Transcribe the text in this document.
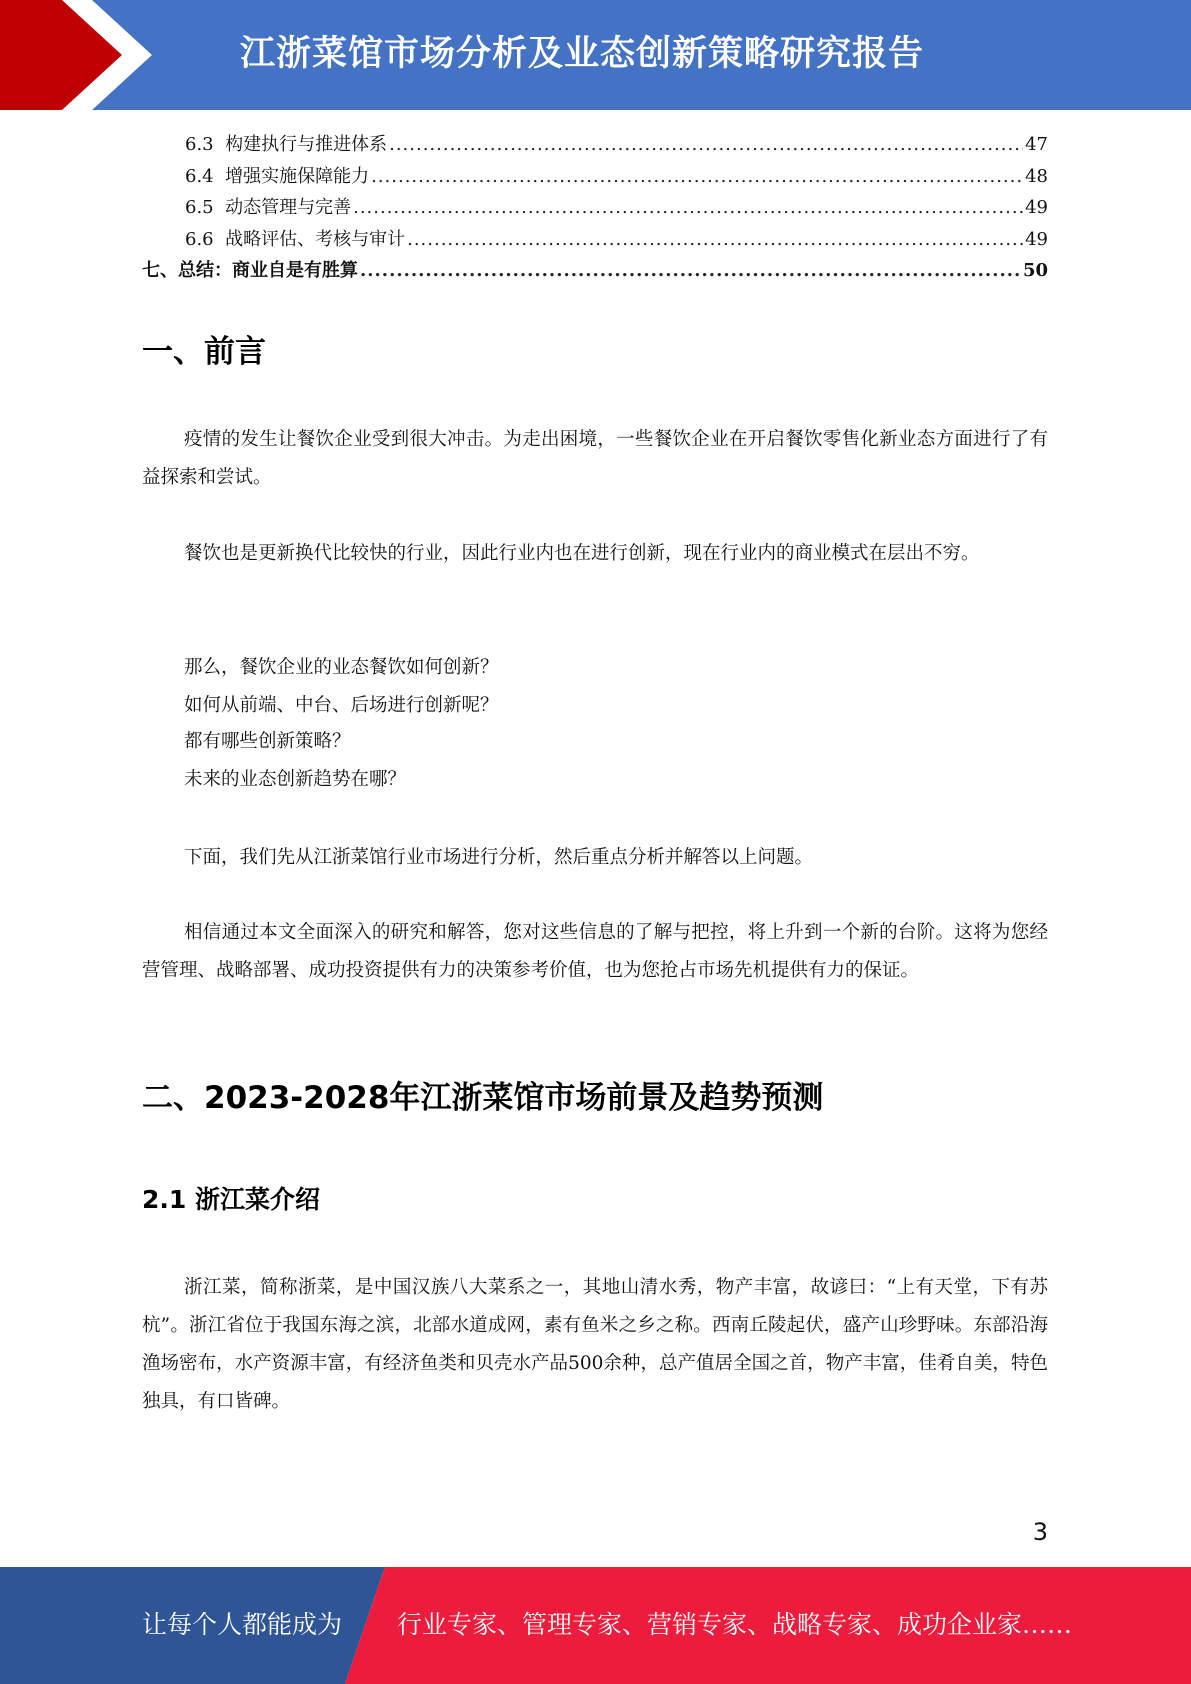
江浙菜馆市场分析及业态创新策略研究报告
6.3 构建执行与推进体系 .....	47
6.4 增强实施保障能力 .....	48
6.5 动态管理与完善 .....	49
6.6 战略评估、考核与审计 .....	49
七、总结：商业自是有胜算 .....	50
一、前言

疫情的发生让餐饮企业受到很大冲击。为走出困境，一些餐饮企业在开启餐饮零售化新业态方面进行了有益探索和尝试。

餐饮也是更新换代比较快的行业，因此行业内也在进行创新，现在行业内的商业模式在层出不穷。

那么，餐饮企业的业态餐饮如何创新？
如何从前端、中台、后场进行创新呢？
都有哪些创新策略？
未来的业态创新趋势在哪？

下面，我们先从江浙菜馆行业市场进行分析，然后重点分析并解答以上问题。

相信通过本文全面深入的研究和解答，您对这些信息的了解与把控，将上升到一个新的台阶。这将为您经营管理、战略部署、成功投资提供有力的决策参考价值，也为您抢占市场先机提供有力的保证。

二、2023-2028年江浙菜馆市场前景及趋势预测
2.1 浙江菜介绍

浙江菜，简称浙菜，是中国汉族八大菜系之一，其地山清水秀，物产丰富，故谚曰：“上有天堂，下有苏杭”。浙江省位于我国东海之滨，北部水道成网，素有鱼米之乡之称。西南丘陵起伏，盛产山珍野味。东部沿海渔场密布，水产资源丰富，有经济鱼类和贝壳水产品500余种，总产值居全国之首，物产丰富，佳肴自美，特色独具，有口皆碑。

3
让每个人都能成为 行业专家、管理专家、营销专家、战略专家、成功企业家……
